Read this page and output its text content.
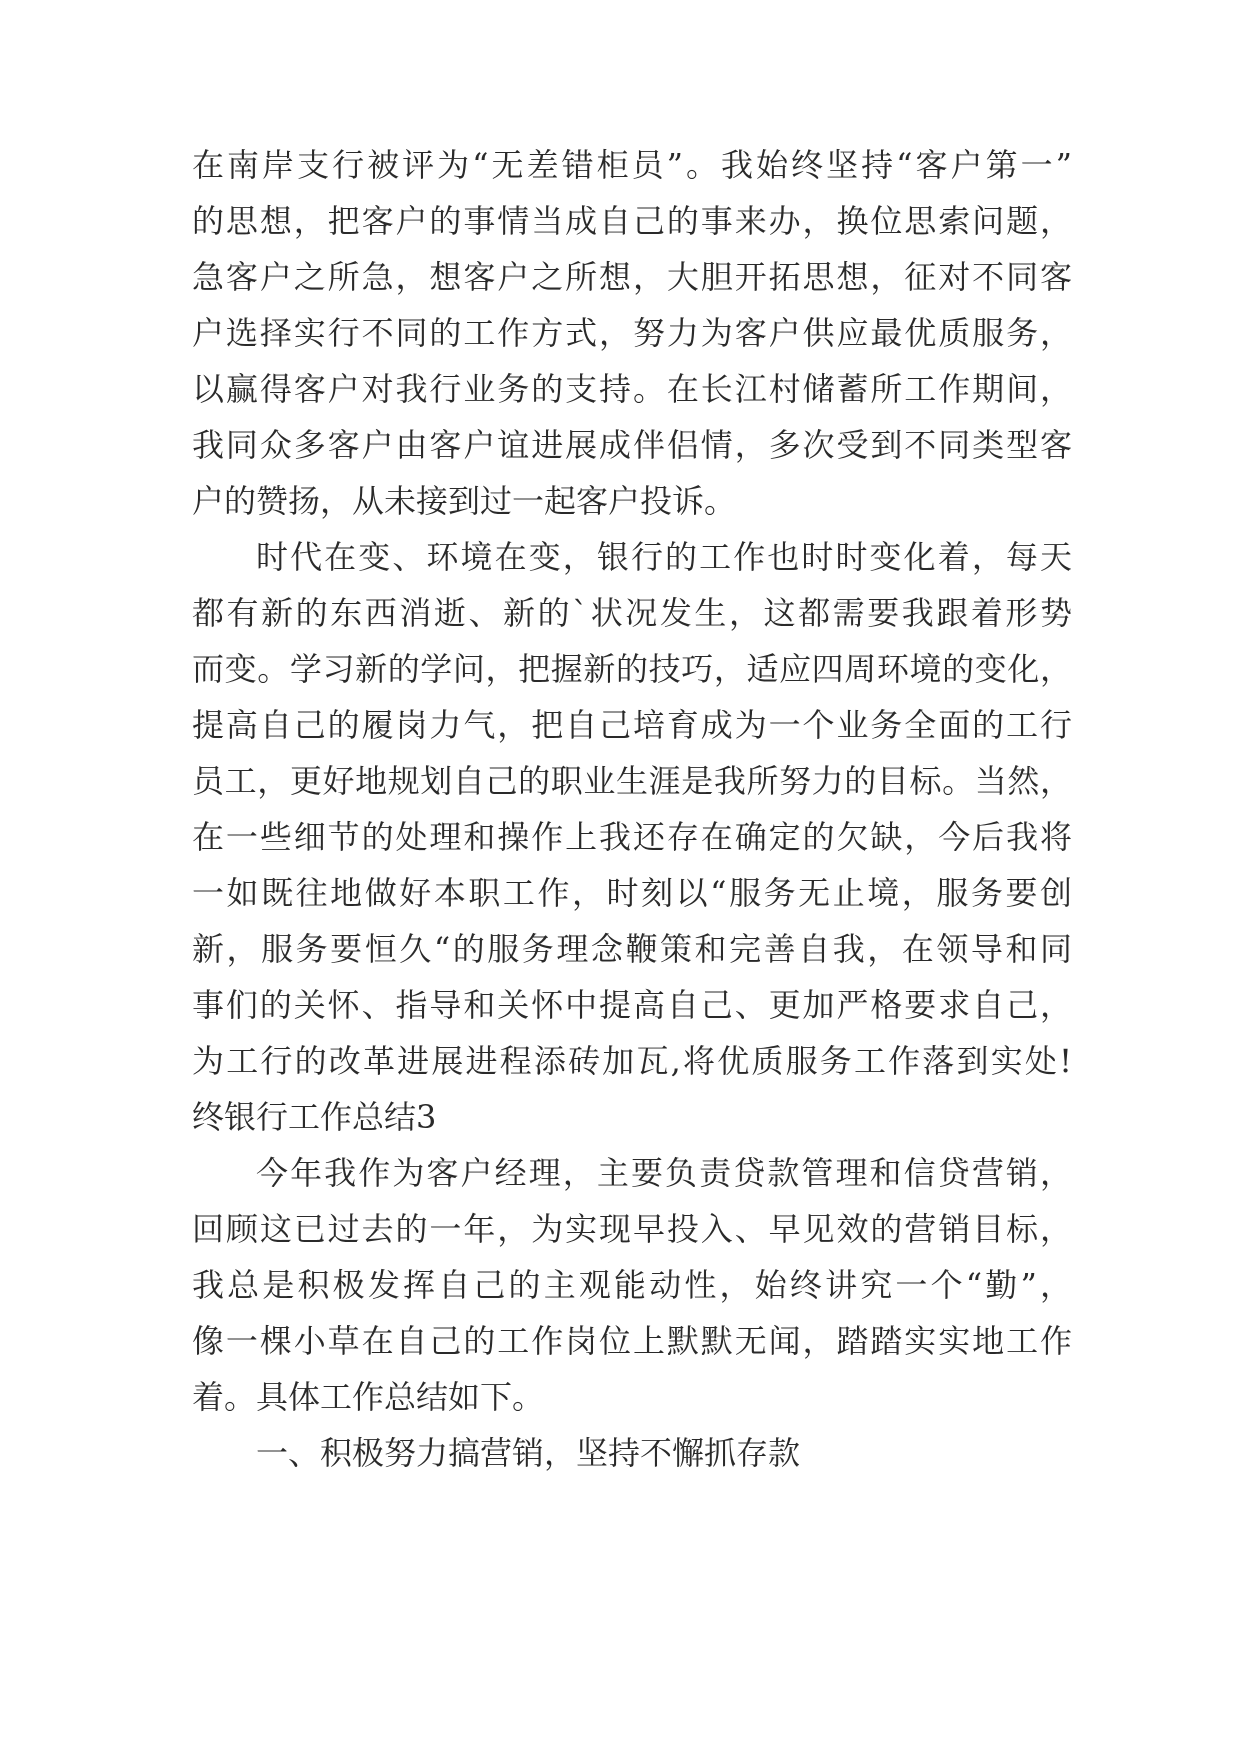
在南岸支行被评为“无差错柜员”。我始终坚持“客户第一”
的思想，把客户的事情当成自己的事来办，换位思索问题，
急客户之所急，想客户之所想，大胆开拓思想，征对不同客
户选择实行不同的工作方式，努力为客户供应最优质服务，
以赢得客户对我行业务的支持。在长江村储蓄所工作期间，
我同众多客户由客户谊进展成伴侣情，多次受到不同类型客
户的赞扬，从未接到过一起客户投诉。
时代在变、环境在变，银行的工作也时时变化着，每天
都有新的东西消逝、新的`状况发生，这都需要我跟着形势
而变。学习新的学问，把握新的技巧，适应四周环境的变化，
提高自己的履岗力气，把自己培育成为一个业务全面的工行
员工，更好地规划自己的职业生涯是我所努力的目标。当然，
在一些细节的处理和操作上我还存在确定的欠缺，今后我将
一如既往地做好本职工作，时刻以“服务无止境，服务要创
新，服务要恒久“的服务理念鞭策和完善自我，在领导和同
事们的关怀、指导和关怀中提高自己、更加严格要求自己，
为工行的改革进展进程添砖加瓦,将优质服务工作落到实处!
终银行工作总结3
今年我作为客户经理，主要负责贷款管理和信贷营销，
回顾这已过去的一年，为实现早投入、早见效的营销目标，
我总是积极发挥自己的主观能动性，始终讲究一个“勤”，
像一棵小草在自己的工作岗位上默默无闻，踏踏实实地工作
着。具体工作总结如下。
一、积极努力搞营销，坚持不懈抓存款
